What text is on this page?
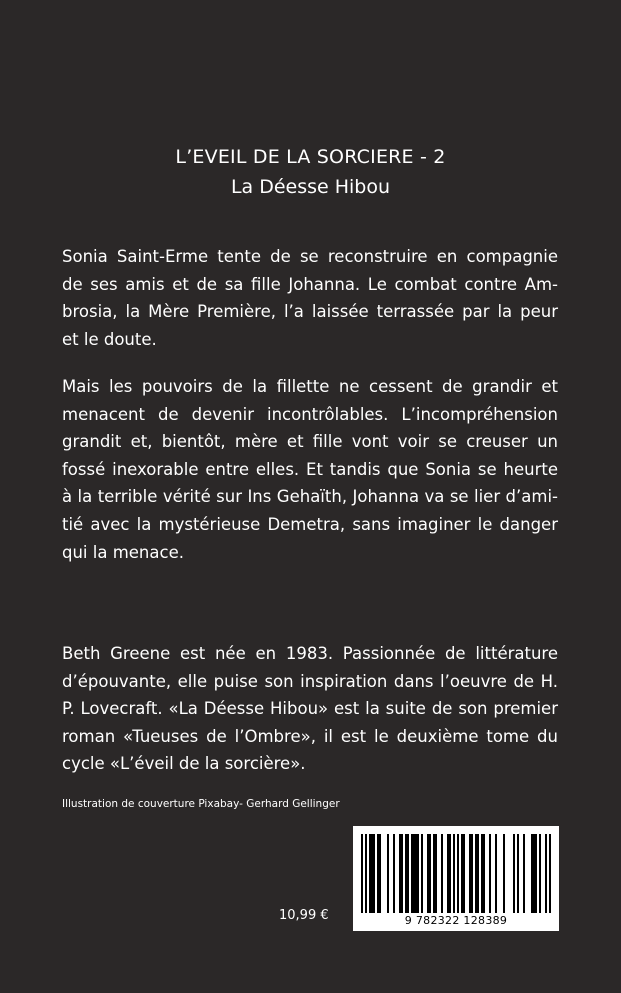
L’EVEIL DE LA SORCIERE - 2
La Déesse Hibou
Sonia Saint-Erme tente de se reconstruire en compagnie
de ses amis et de sa fille Johanna. Le combat contre Am-
brosia, la Mère Première, l’a laissée terrassée par la peur
et le doute.
Mais les pouvoirs de la fillette ne cessent de grandir et
menacent de devenir incontrôlables. L’incompréhension
grandit et, bientôt, mère et fille vont voir se creuser un
fossé inexorable entre elles. Et tandis que Sonia se heurte
à la terrible vérité sur Ins Gehaïth, Johanna va se lier d’ami-
tié avec la mystérieuse Demetra, sans imaginer le danger
qui la menace.
Beth Greene est née en 1983. Passionnée de littérature
d’épouvante, elle puise son inspiration dans l’oeuvre de H.
P. Lovecraft. «La Déesse Hibou» est la suite de son premier
roman «Tueuses de l’Ombre», il est le deuxième tome du
cycle «L’éveil de la sorcière».
Illustration de couverture Pixabay- Gerhard Gellinger
10,99 €	9 782322 128389
